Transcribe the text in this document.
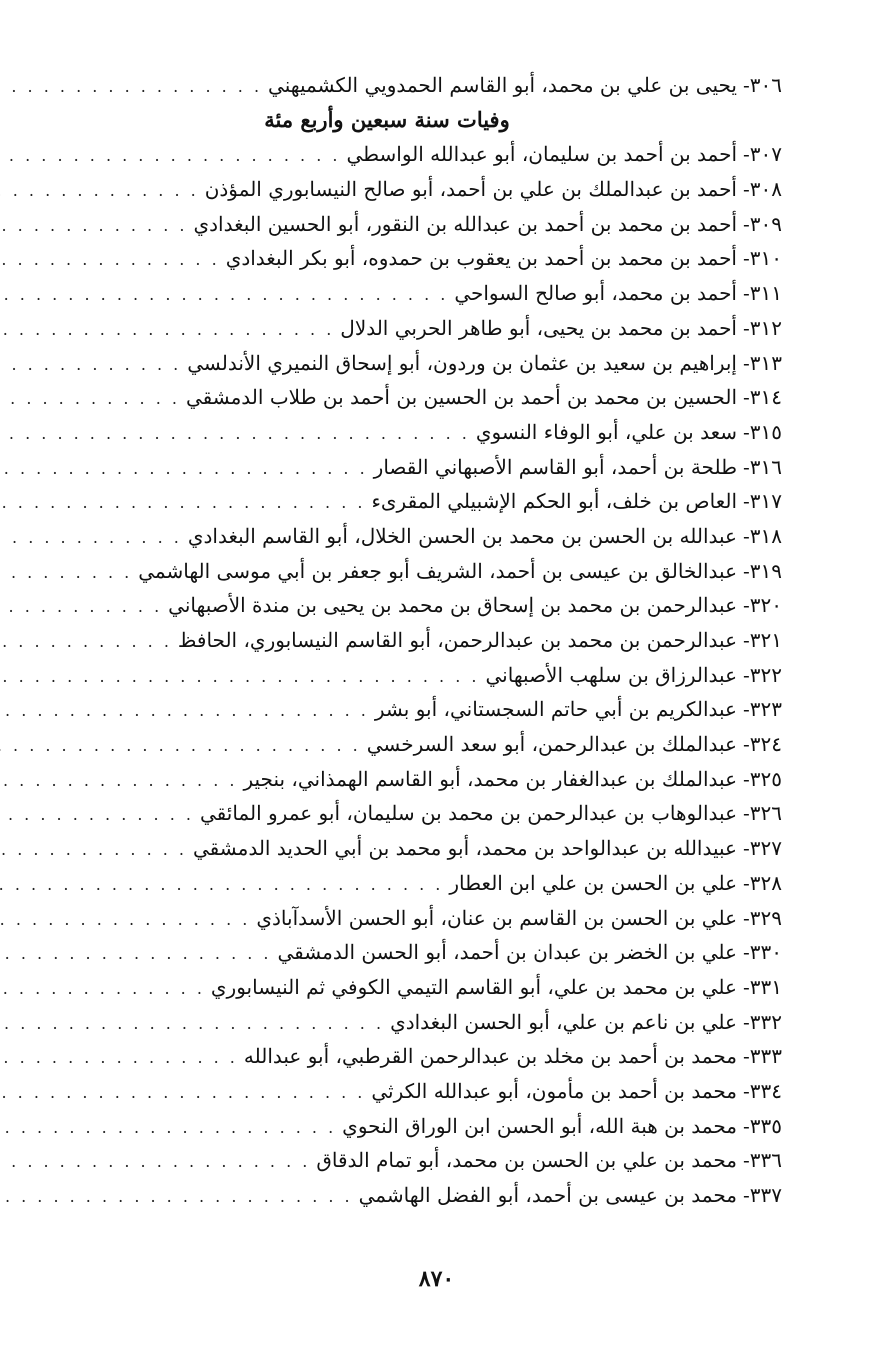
٣٠٦-
يحيى بن علي بن محمد، أبو القاسم الحمدويي الكشميهني
. . .
وفيات سنة سبعين وأربع مئة
٣٠٧-
أحمد بن أحمد بن سليمان، أبو عبدالله الواسطي
. . .
٣٠٨-
أحمد بن عبدالملك بن علي بن أحمد، أبو صالح النيسابوري المؤذن
. . .
٣٠٩-
أحمد بن محمد بن أحمد بن عبدالله بن النقور، أبو الحسين البغدادي
. . .
٣١٠-
أحمد بن محمد بن أحمد بن يعقوب بن حمدوه، أبو بكر البغدادي
. . .
٣١١-
أحمد بن محمد، أبو صالح السواحي
. . .
٣١٢-
أحمد بن محمد بن يحيى، أبو طاهر الحربي الدلال
. . .
٣١٣-
إبراهيم بن سعيد بن عثمان بن وردون، أبو إسحاق النميري الأندلسي
. . .
٣١٤-
الحسين بن محمد بن أحمد بن الحسين بن أحمد بن طلاب الدمشقي
. . .
٣١٥-
سعد بن علي، أبو الوفاء النسوي
. . .
٣١٦-
طلحة بن أحمد، أبو القاسم الأصبهاني القصار
. . .
٣١٧-
العاص بن خلف، أبو الحكم الإشبيلي المقرىء
. . .
٣١٨-
عبدالله بن الحسن بن محمد بن الحسن الخلال، أبو القاسم البغدادي
. . .
٣١٩-
عبدالخالق بن عيسى بن أحمد، الشريف أبو جعفر بن أبي موسى الهاشمي
. . .
٣٢٠-
عبدالرحمن بن محمد بن إسحاق بن محمد بن يحيى بن مندة الأصبهاني
. . .
٣٢١-
عبدالرحمن بن محمد بن عبدالرحمن، أبو القاسم النيسابوري، الحافظ
. . .
٣٢٢-
عبدالرزاق بن سلهب الأصبهاني
. . .
٣٢٣-
عبدالكريم بن أبي حاتم السجستاني، أبو بشر
. . .
٣٢٤-
عبدالملك بن عبدالرحمن، أبو سعد السرخسي
. . .
٣٢٥-
عبدالملك بن عبدالغفار بن محمد، أبو القاسم الهمذاني، بنجير
. . .
٣٢٦-
عبدالوهاب بن عبدالرحمن بن محمد بن سليمان، أبو عمرو المائقي
. . .
٣٢٧-
عبيدالله بن عبدالواحد بن محمد، أبو محمد بن أبي الحديد الدمشقي
. . .
٣٢٨-
علي بن الحسن بن علي ابن العطار
. . .
٣٢٩-
علي بن الحسن بن القاسم بن عنان، أبو الحسن الأسدآباذي
. . .
٣٣٠-
علي بن الخضر بن عبدان بن أحمد، أبو الحسن الدمشقي
. . .
٣٣١-
علي بن محمد بن علي، أبو القاسم التيمي الكوفي ثم النيسابوري
. . .
٣٣٢-
علي بن ناعم بن علي، أبو الحسن البغدادي
. . .
٣٣٣-
محمد بن أحمد بن مخلد بن عبدالرحمن القرطبي، أبو عبدالله
. . .
٣٣٤-
محمد بن أحمد بن مأمون، أبو عبدالله الكرثي
. . .
٣٣٥-
محمد بن هبة الله، أبو الحسن ابن الوراق النحوي
. . .
٣٣٦-
محمد بن علي بن الحسن بن محمد، أبو تمام الدقاق
. . .
٣٣٧-
محمد بن عيسى بن أحمد، أبو الفضل الهاشمي
. . .
٨٧٠
